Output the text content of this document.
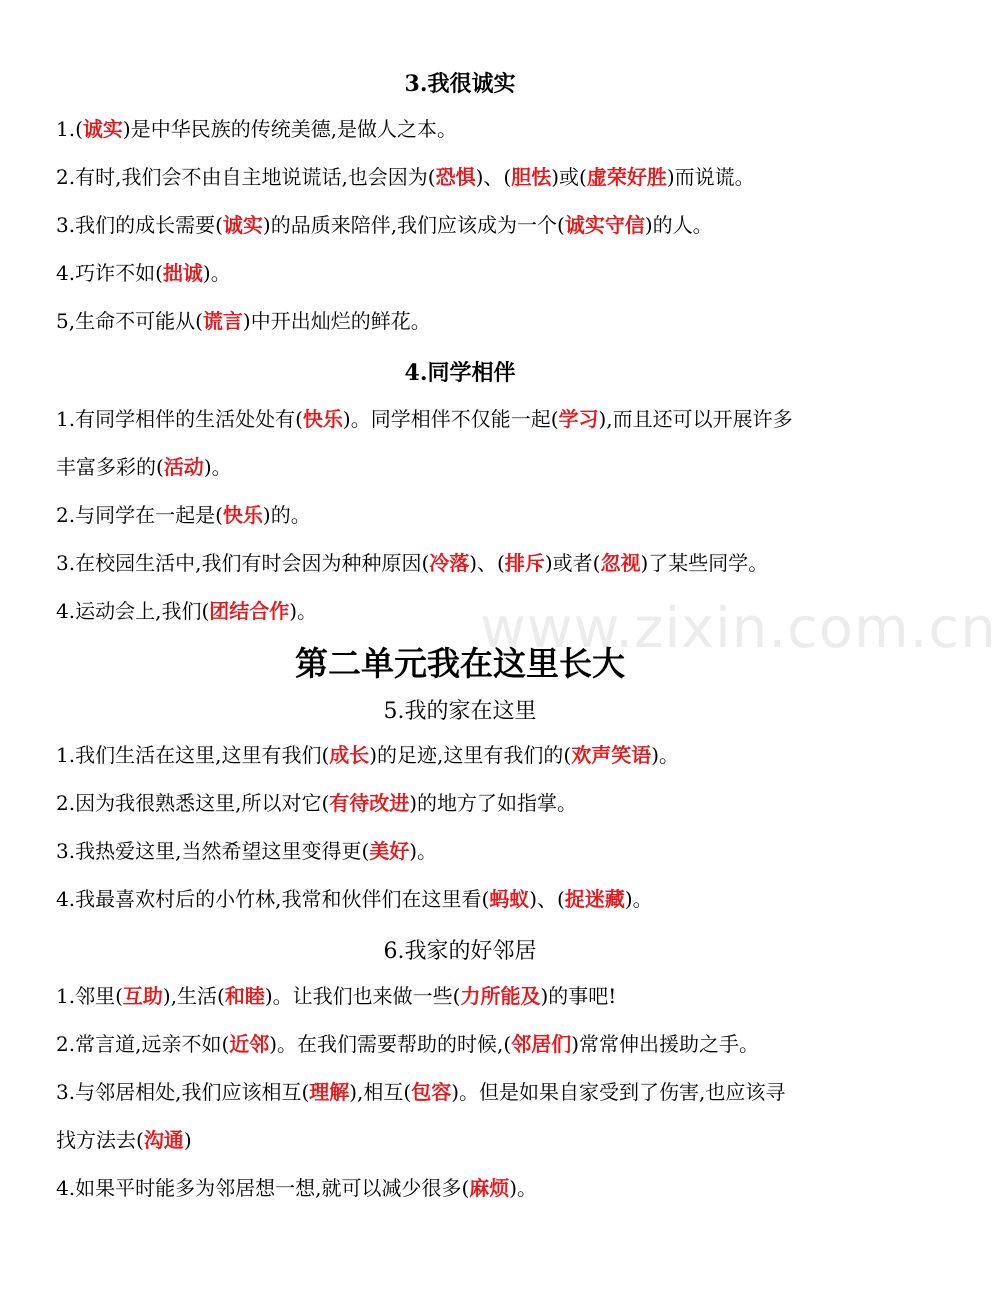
www.zixin.com.cn
3.我很诚实
1.(诚实)是中华民族的传统美德,是做人之本。
2.有时,我们会不由自主地说谎话,也会因为(恐惧)、(胆怯)或(虚荣好胜)而说谎。
3.我们的成长需要(诚实)的品质来陪伴,我们应该成为一个(诚实守信)的人。
4.巧诈不如(拙诚)。
5,生命不可能从(谎言)中开出灿烂的鲜花。
4.同学相伴
1.有同学相伴的生活处处有(快乐)。同学相伴不仅能一起(学习),而且还可以开展许多
丰富多彩的(活动)。
2.与同学在一起是(快乐)的。
3.在校园生活中,我们有时会因为种种原因(冷落)、(排斥)或者(忽视)了某些同学。
4.运动会上,我们(团结合作)。
第二单元我在这里长大
5.我的家在这里
1.我们生活在这里,这里有我们(成长)的足迹,这里有我们的(欢声笑语)。
2.因为我很熟悉这里,所以对它(有待改进)的地方了如指掌。
3.我热爱这里,当然希望这里变得更(美好)。
4.我最喜欢村后的小竹林,我常和伙伴们在这里看(蚂蚁)、(捉迷藏)。
6.我家的好邻居
1.邻里(互助),生活(和睦)。让我们也来做一些(力所能及)的事吧!
2.常言道,远亲不如(近邻)。在我们需要帮助的时候,(邻居们)常常伸出援助之手。
3.与邻居相处,我们应该相互(理解),相互(包容)。但是如果自家受到了伤害,也应该寻
找方法去(沟通)
4.如果平时能多为邻居想一想,就可以减少很多(麻烦)。
